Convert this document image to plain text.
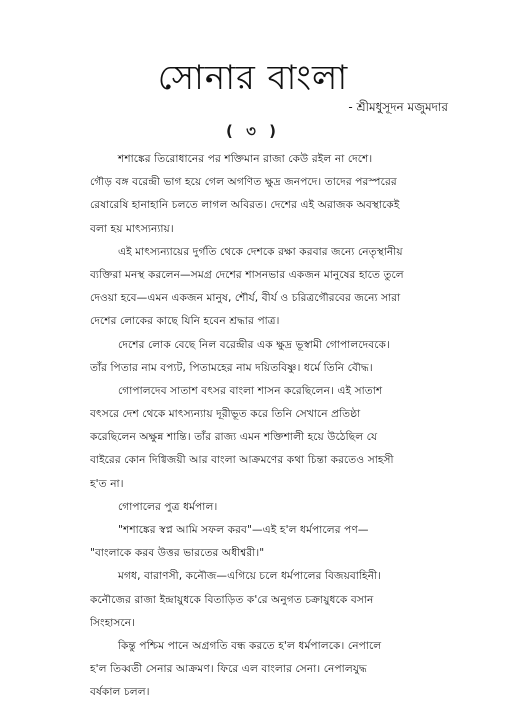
সোনার বাংলা
- শ্রীমধুসূদন মজুমদার
( ৩ )
শশাঙ্কের তিরোধানের পর শক্তিমান রাজা কেউ রইল না দেশে।
গৌড় বঙ্গ বরেন্দ্রী ভাগ হয়ে গেল অগণিত ক্ষুদ্র জনপদে। তাদের পরস্পরের
রেষারেষি হানাহানি চলতে লাগল অবিরত। দেশের এই অরাজক অবস্থাকেই
বলা হয় মাৎস্যন্যায়।
এই মাৎস্যন্যায়ের দুর্গতি থেকে দেশকে রক্ষা করবার জন্যে নেতৃস্থানীয়
ব্যক্তিরা মনস্থ করলেন—সমগ্র দেশের শাসনভার একজন মানুষের হাতে তুলে
দেওয়া হবে—এমন একজন মানুষ, শৌর্য, বীর্য ও চরিত্রগৌরবের জন্যে সারা
দেশের লোকের কাছে যিনি হবেন শ্রদ্ধার পাত্র।
দেশের লোক বেছে নিল বরেন্দ্রীর এক ক্ষুদ্র ভূস্বামী গোপালদেবকে।
তাঁর পিতার নাম বপ্যট, পিতামহের নাম দয়িতবিষ্ণু। ধর্মে তিনি বৌদ্ধ।
গোপালদেব সাতাশ বৎসর বাংলা শাসন করেছিলেন। এই সাতাশ
বৎসরে দেশ থেকে মাৎস্যন্যায় দূরীভূত করে তিনি সেখানে প্রতিষ্ঠা
করেছিলেন অক্ষুন্ন শান্তি। তাঁর রাজ্য এমন শক্তিশালী হয়ে উঠেছিল যে
বাইরের কোন দিগ্বিজয়ী আর বাংলা আক্রমণের কথা চিন্তা করতেও সাহসী
হ'ত না।
গোপালের পুত্র ধর্মপাল।
"শশাঙ্কের স্বপ্ন আমি সফল করব"—এই হ'ল ধর্মপালের পণ—
"বাংলাকে করব উত্তর ভারতের অধীশ্বরী।"
মগধ, বারাণসী, কনৌজ—এগিয়ে চলে ধর্মপালের বিজয়বাহিনী।
কনৌজের রাজা ইন্দ্রায়ুধকে বিতাড়িত ক'রে অনুগত চক্রায়ুধকে বসান
সিংহাসনে।
কিন্তু পশ্চিম পানে অগ্রগতি বন্ধ করতে হ'ল ধর্মপালকে। নেপালে
হ'ল তিব্বতী সেনার আক্রমণ। ফিরে এল বাংলার সেনা। নেপালযুদ্ধ
বর্ষকাল চলল।
